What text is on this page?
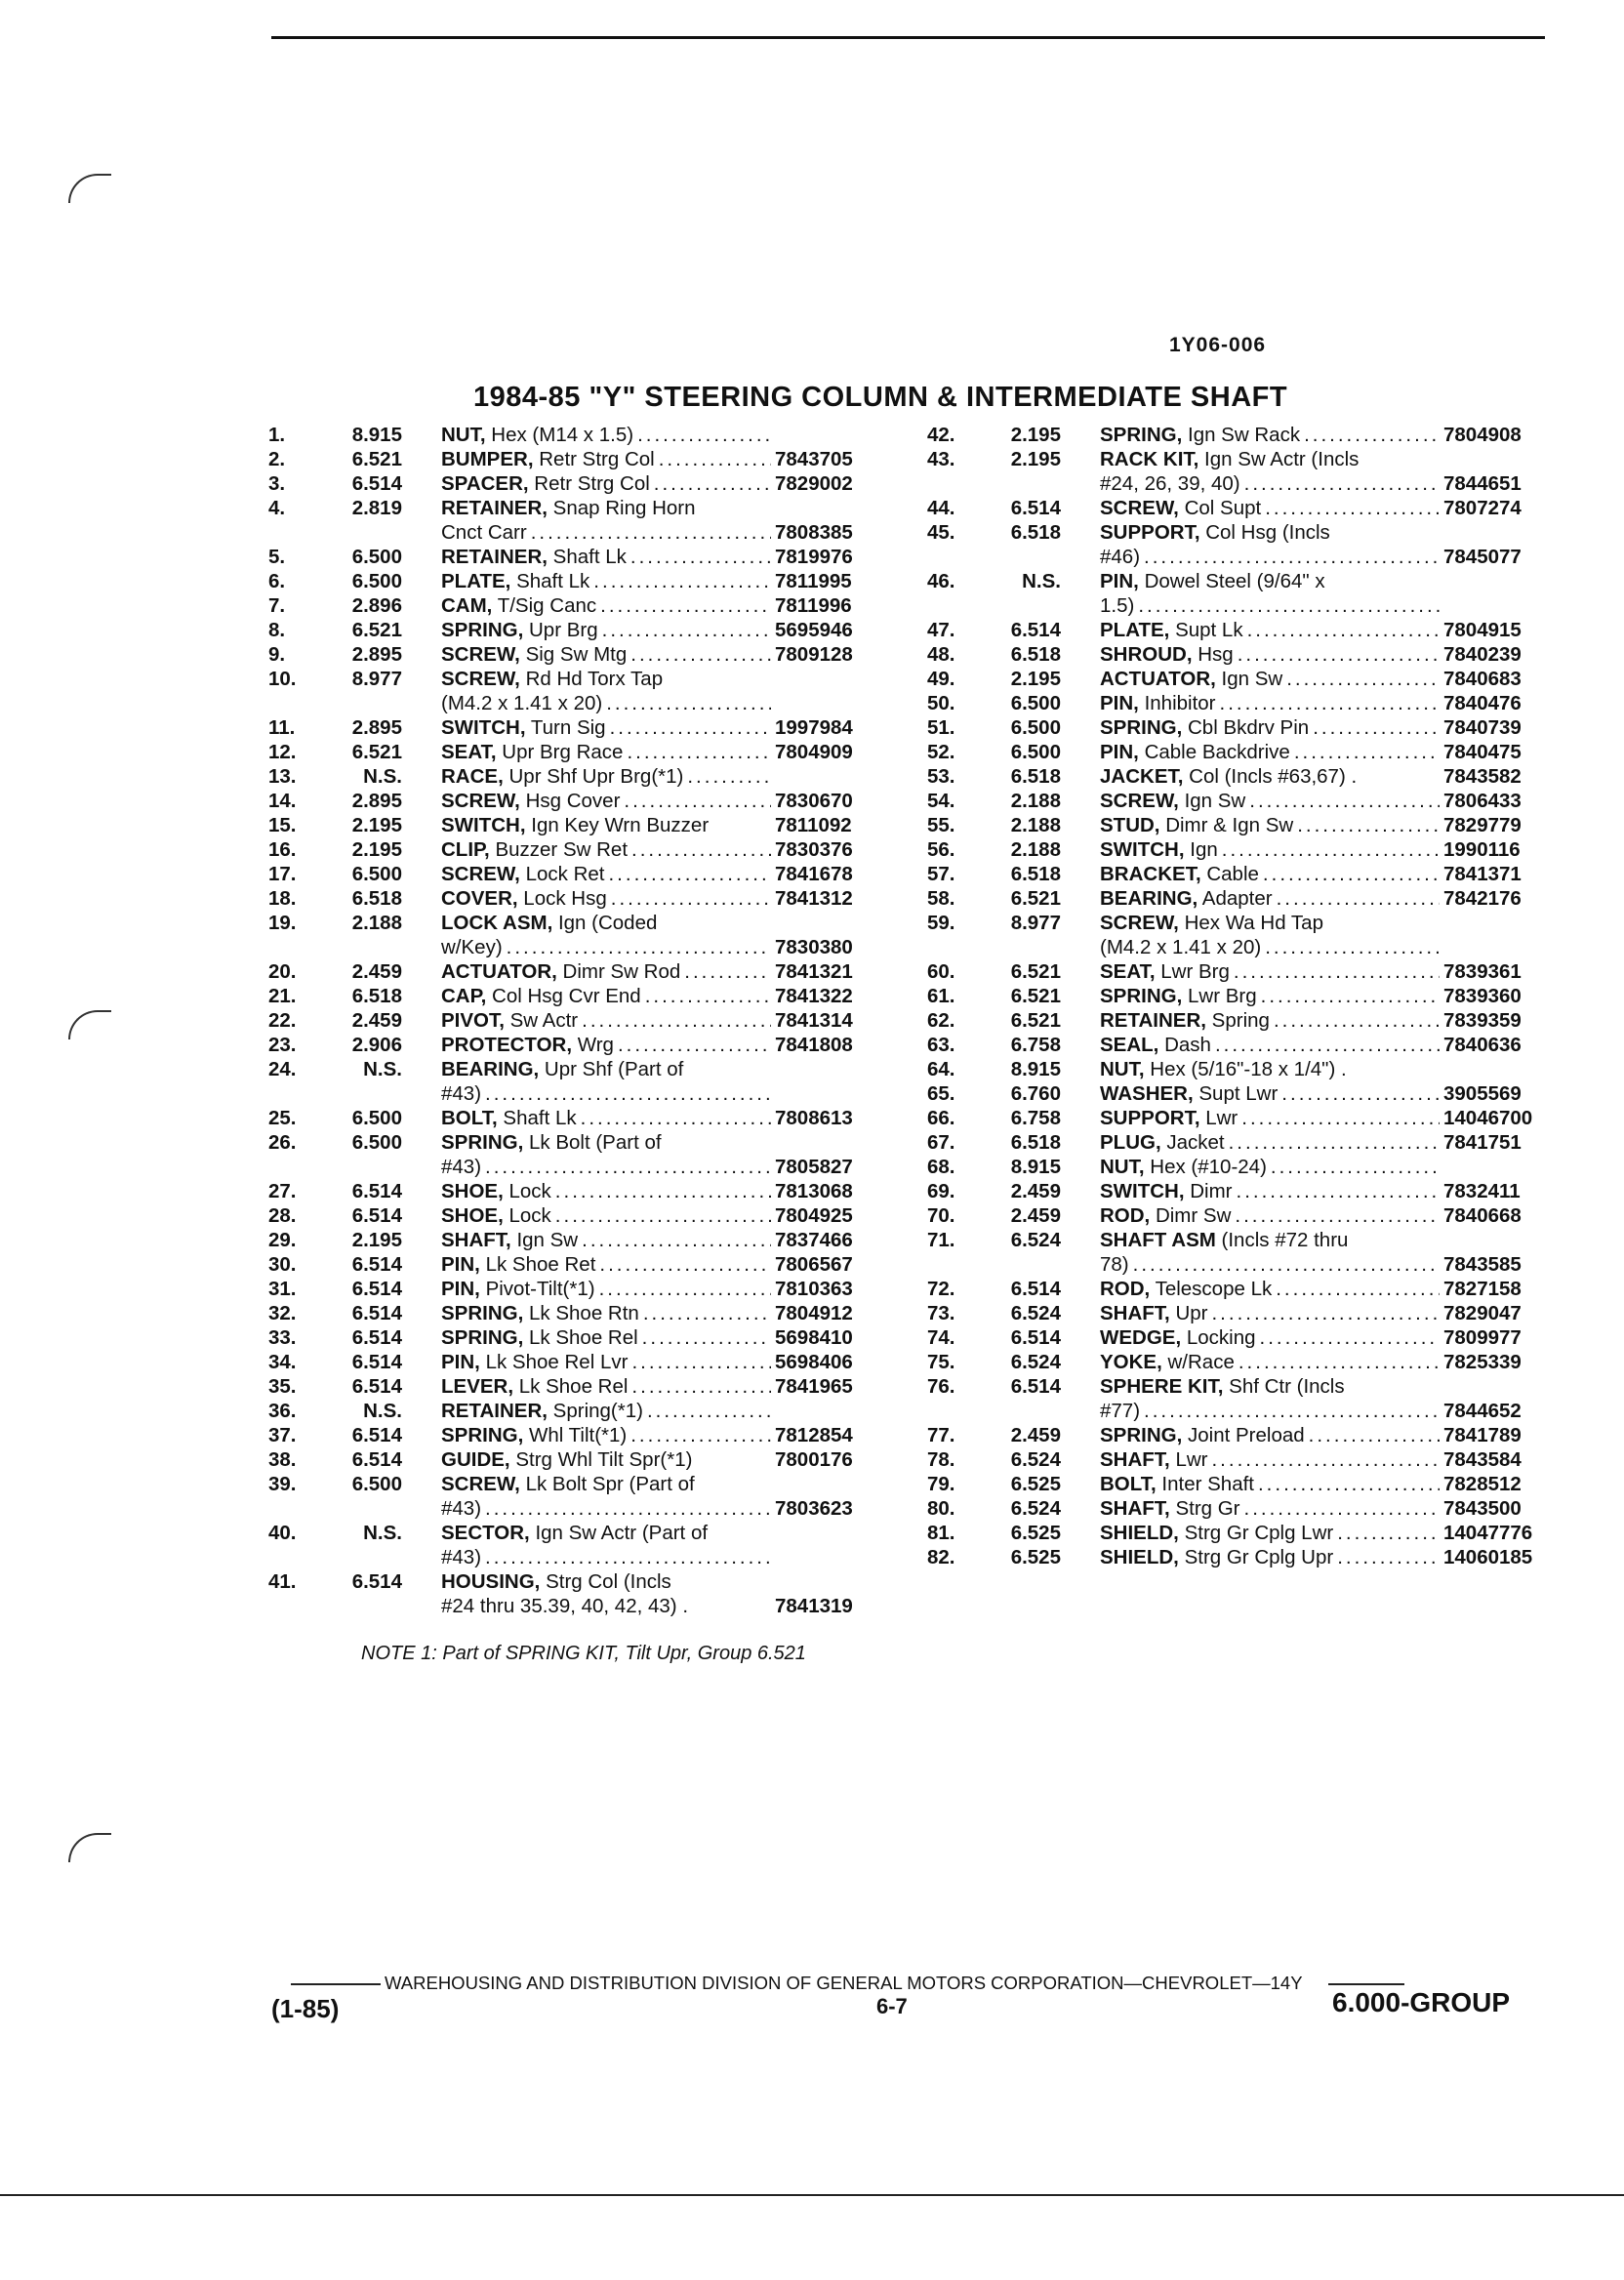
1Y06-006
1984-85 "Y" STEERING COLUMN & INTERMEDIATE SHAFT
1.	8.915 NUT, Hex (M14 x 1.5)
.....
2.	6.521 BUMPER, Retr Strg Col .....	7843705
3.	6.514 SPACER, Retr Strg Col .....	7829002
4.	2.819 RETAINER, Snap Ring Horn
Cnct Carr .....	7808385
5.	6.500 RETAINER, Shaft Lk .....	7819976
6.	6.500 PLATE, Shaft Lk .....	7811995
7.	2.896 CAM, T/Sig Canc .....	7811996
8.	6.521 SPRING, Upr Brg .....	5695946
9.	2.895 SCREW, Sig Sw Mtg .....	7809128
10.	8.977 SCREW, Rd Hd Torx Tap
(M4.2 x 1.41 x 20)
.....
11.	2.895 SWITCH, Turn Sig .....	1997984
12.	6.521 SEAT, Upr Brg Race .....	7804909
13.	N.S. RACE, Upr Shf Upr Brg(*1)
.....
14.	2.895 SCREW, Hsg Cover .....	7830670
15.	2.195 SWITCH, Ign Key Wrn Buzzer	7811092
16.	2.195 CLIP, Buzzer Sw Ret .....	7830376
17.	6.500 SCREW, Lock Ret .....	7841678
18.	6.518 COVER, Lock Hsg .....	7841312
19.	2.188 LOCK ASM, Ign (Coded
w/Key) .....	7830380
20.	2.459 ACTUATOR, Dimr Sw Rod .....	7841321
21.	6.518 CAP, Col Hsg Cvr End .....	7841322
22.	2.459 PIVOT, Sw Actr .....	7841314
23.	2.906 PROTECTOR, Wrg .....	7841808
24.	N.S. BEARING, Upr Shf (Part of
#43)
.....
25.	6.500 BOLT, Shaft Lk .....	7808613
26.	6.500 SPRING, Lk Bolt (Part of
#43) .....	7805827
27.	6.514 SHOE, Lock .....	7813068
28.	6.514 SHOE, Lock .....	7804925
29.	2.195 SHAFT, Ign Sw .....	7837466
30.	6.514 PIN, Lk Shoe Ret .....	7806567
31.	6.514 PIN, Pivot-Tilt(*1) .....	7810363
32.	6.514 SPRING, Lk Shoe Rtn .....	7804912
33.	6.514 SPRING, Lk Shoe Rel .....	5698410
34.	6.514 PIN, Lk Shoe Rel Lvr .....	5698406
35.	6.514 LEVER, Lk Shoe Rel .....	7841965
36.	N.S. RETAINER, Spring(*1)
.....
37.	6.514 SPRING, Whl Tilt(*1) .....	7812854
38.	6.514 GUIDE, Strg Whl Tilt Spr(*1)	7800176
39.	6.500 SCREW, Lk Bolt Spr (Part of
#43) .....	7803623
40.	N.S. SECTOR, Ign Sw Actr (Part of
#43)
.....
41.	6.514 HOUSING, Strg Col (Incls
#24 thru 35.39, 40, 42, 43) .	7841319
42.	2.195 SPRING, Ign Sw Rack .....	7804908
43.	2.195 RACK KIT, Ign Sw Actr (Incls
#24, 26, 39, 40) .....	7844651
44.	6.514 SCREW, Col Supt .....	7807274
45.	6.518 SUPPORT, Col Hsg (Incls
#46) .....	7845077
46.	N.S. PIN, Dowel Steel (9/64" x
1.5)
.....
47.	6.514 PLATE, Supt Lk .....	7804915
48.	6.518 SHROUD, Hsg .....	7840239
49.	2.195 ACTUATOR, Ign Sw .....	7840683
50.	6.500 PIN, Inhibitor .....	7840476
51.	6.500 SPRING, Cbl Bkdrv Pin .....	7840739
52.	6.500 PIN, Cable Backdrive .....	7840475
53.	6.518 JACKET, Col (Incls #63,67) .	7843582
54.	2.188 SCREW, Ign Sw .....	7806433
55.	2.188 STUD, Dimr & Ign Sw .....	7829779
56.	2.188 SWITCH, Ign .....	1990116
57.	6.518 BRACKET, Cable .....	7841371
58.	6.521 BEARING, Adapter .....	7842176
59.	8.977 SCREW, Hex Wa Hd Tap
(M4.2 x 1.41 x 20)
.....
60.	6.521 SEAT, Lwr Brg .....	7839361
61.	6.521 SPRING, Lwr Brg .....	7839360
62.	6.521 RETAINER, Spring .....	7839359
63.	6.758 SEAL, Dash .....	7840636
64.	8.915 NUT, Hex (5/16"-18 x 1/4") .
65.	6.760 WASHER, Supt Lwr .....	3905569
66.	6.758 SUPPORT, Lwr .....	14046700
67.	6.518 PLUG, Jacket .....	7841751
68.	8.915 NUT, Hex (#10-24)
.....
69.	2.459 SWITCH, Dimr .....	7832411
70.	2.459 ROD, Dimr Sw .....	7840668
71.	6.524 SHAFT ASM (Incls #72 thru
78) .....	7843585
72.	6.514 ROD, Telescope Lk .....	7827158
73.	6.524 SHAFT, Upr .....	7829047
74.	6.514 WEDGE, Locking .....	7809977
75.	6.524 YOKE, w/Race .....	7825339
76.	6.514 SPHERE KIT, Shf Ctr (Incls
#77) .....	7844652
77.	2.459 SPRING, Joint Preload .....	7841789
78.	6.524 SHAFT, Lwr .....	7843584
79.	6.525 BOLT, Inter Shaft .....	7828512
80.	6.524 SHAFT, Strg Gr .....	7843500
81.	6.525 SHIELD, Strg Gr Cplg Lwr .....	14047776
82.	6.525 SHIELD, Strg Gr Cplg Upr .....	14060185
NOTE 1: Part of SPRING KIT, Tilt Upr, Group 6.521
WAREHOUSING AND DISTRIBUTION DIVISION OF GENERAL MOTORS CORPORATION—CHEVROLET—14Y
(1-85)	6-7	6.000-GROUP
